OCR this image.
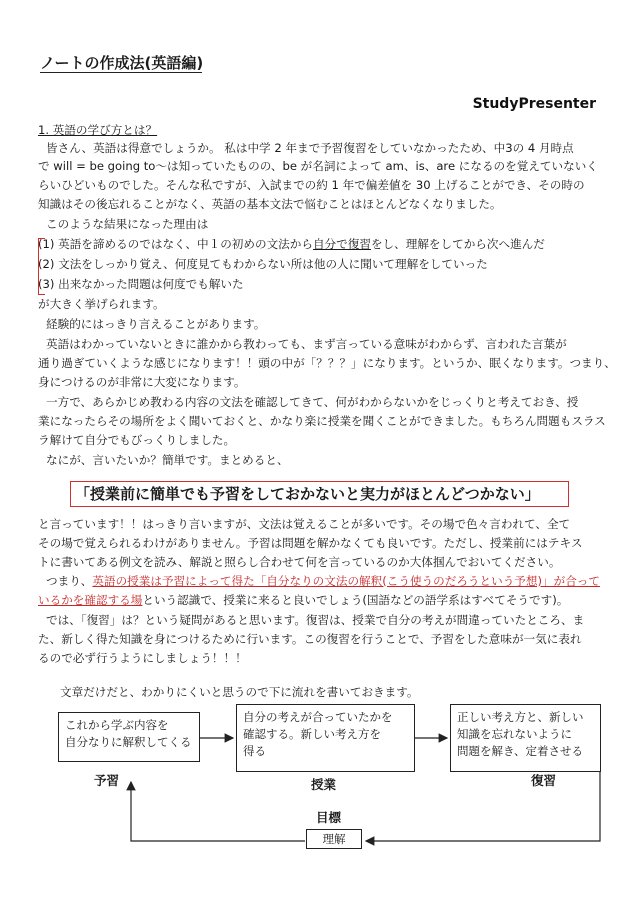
ノートの作成法(英語編)
StudyPresenter
1. 英語の学び方とは？
皆さん、英語は得意でしょうか。 私は中学 2 年まで予習復習をしていなかったため、中3の 4 月時点
で will = be going to～は知っていたものの、be が名詞によって am、is、are になるのを覚えていないく
らいひどいものでした。そんな私ですが、入試までの約 1 年で偏差値を 30 上げることができ、その時の
知識はその後忘れることがなく、英語の基本文法で悩むことはほとんどなくなりました。
このような結果になった理由は
(1) 英語を諦めるのではなく、中１の初めの文法から自分で復習をし、理解をしてから次へ進んだ
(2) 文法をしっかり覚え、何度見てもわからない所は他の人に聞いて理解をしていった
(3) 出来なかった問題は何度でも解いた
が大きく挙げられます。
経験的にはっきり言えることがあります。
英語はわかっていないときに誰かから教わっても、まず言っている意味がわからず、言われた言葉が
通り過ぎていくような感じになります！！頭の中が「？？？」になります。というか、眠くなります。つまり、
身につけるのが非常に大変になります。
一方で、あらかじめ教わる内容の文法を確認してきて、何がわからないかをじっくりと考えておき、授
業になったらその場所をよく聞いておくと、かなり楽に授業を聞くことができました。もちろん問題もスラス
ラ解けて自分でもびっくりしました。
なにが、言いたいか？簡単です。まとめると、
「授業前に簡単でも予習をしておかないと実力がほとんどつかない」
と言っています！！はっきり言いますが、文法は覚えることが多いです。その場で色々言われて、全て
その場で覚えられるわけがありません。予習は問題を解かなくても良いです。ただし、授業前にはテキス
トに書いてある例文を読み、解説と照らし合わせて何を言っているのか大体掴んでおいてください。
つまり、英語の授業は予習によって得た「自分なりの文法の解釈(こう使うのだろうという予想)」が合って
いるかを確認する場という認識で、授業に来ると良いでしょう(国語などの語学系はすべてそうです)。
では、「復習」は？という疑問があると思います。復習は、授業で自分の考えが間違っていたところ、ま
た、新しく得た知識を身につけるために行います。この復習を行うことで、予習をした意味が一気に表れ
るので必ず行うようにしましょう！！！
文章だけだと、わかりにくいと思うので下に流れを書いておきます。
これから学ぶ内容を
自分なりに解釈してくる
自分の考えが合っていたかを
確認する。新しい考え方を
得る
正しい考え方と、新しい
知識を忘れないように
問題を解き、定着させる
予習	授業	復習
目標
理解
